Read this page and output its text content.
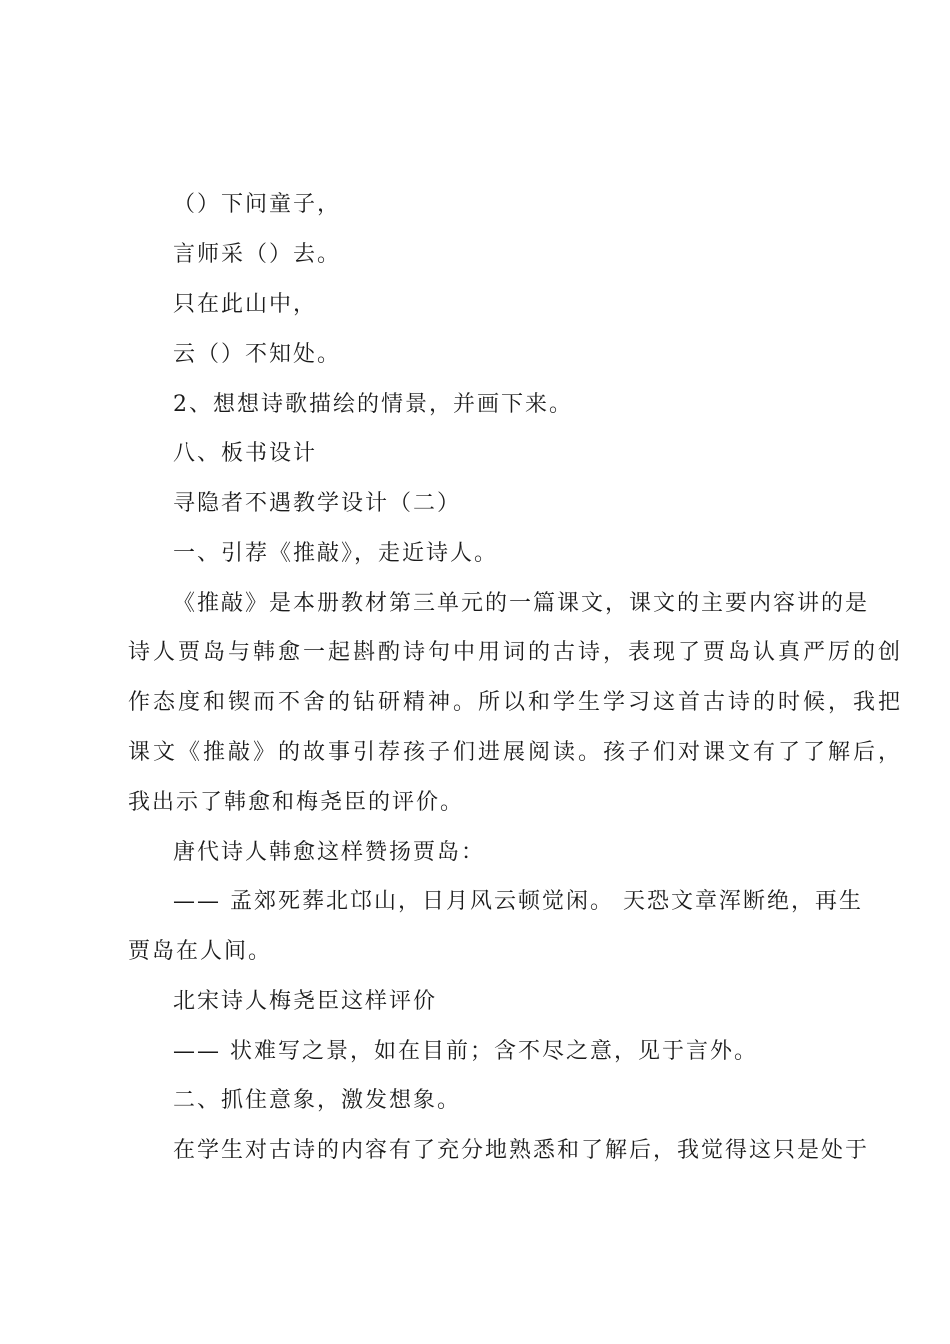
（）下问童子，
言师采（）去。
只在此山中，
云（）不知处。
2、想想诗歌描绘的情景，并画下来。
八、板书设计
寻隐者不遇教学设计（二）
一、引荐《推敲》，走近诗人。
《推敲》是本册教材第三单元的一篇课文，课文的主要内容讲的是
诗人贾岛与韩愈一起斟酌诗句中用词的古诗，表现了贾岛认真严厉的创
作态度和锲而不舍的钻研精神。所以和学生学习这首古诗的时候，我把
课文《推敲》的故事引荐孩子们进展阅读。孩子们对课文有了了解后，
我出示了韩愈和梅尧臣的评价。
唐代诗人韩愈这样赞扬贾岛：
—— 孟郊死葬北邙山，日月风云顿觉闲。 天恐文章浑断绝，再生
贾岛在人间。
北宋诗人梅尧臣这样评价
—— 状难写之景，如在目前；含不尽之意，见于言外。
二、抓住意象，激发想象。
在学生对古诗的内容有了充分地熟悉和了解后，我觉得这只是处于
